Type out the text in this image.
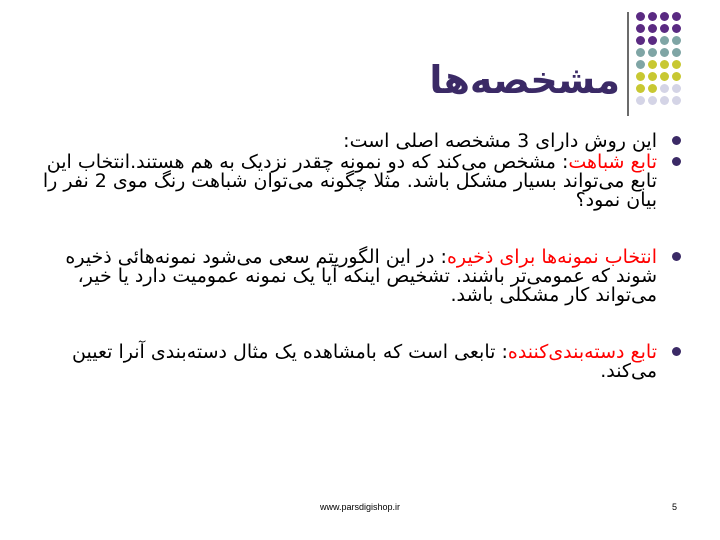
مشخصه‌ها

این روش دارای 3 مشخصه اصلی است:

تابع شباهت: مشخص می‌کند که دو نمونه چقدر نزدیک به هم هستند.انتخاب این تابع می‌تواند بسیار مشکل باشد. مثلا چگونه می‌توان شباهت رنگ موی 2 نفر را بیان نمود؟

انتخاب نمونه‌ها برای ذخیره: در این الگوریتم سعی می‌شود نمونه‌هائی ذخیره شوند که عمومی‌تر باشند. تشخیص اینکه آیا یک نمونه عمومیت دارد یا خیر، می‌تواند کار مشکلی باشد.

تابع دسته‌بندی‌کننده: تابعی است که بامشاهده یک مثال دسته‌بندی آنرا تعیین می‌کند.

www.parsdigishop.ir	5
